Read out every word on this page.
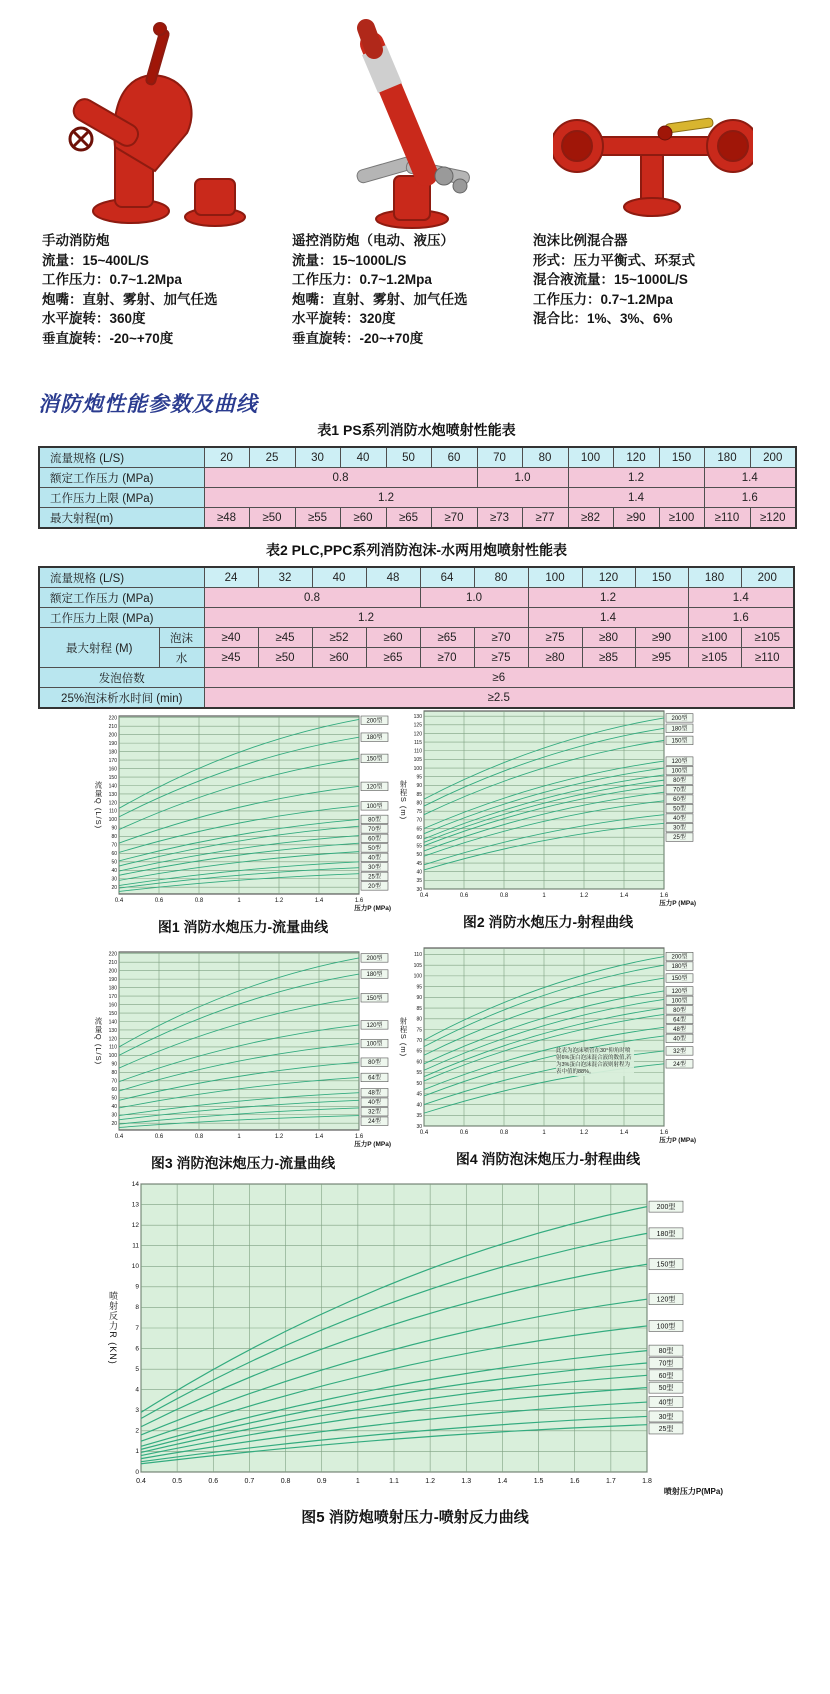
手动消防炮
流量：15~400L/S
工作压力：0.7~1.2Mpa
炮嘴：直射、雾射、加气任选
水平旋转：360度
垂直旋转：-20~+70度
遥控消防炮（电动、液压）
流量：15~1000L/S
工作压力：0.7~1.2Mpa
炮嘴：直射、雾射、加气任选
水平旋转：320度
垂直旋转：-20~+70度
泡沫比例混合器
形式：压力平衡式、环泵式
混合液流量：15~1000L/S
工作压力：0.7~1.2Mpa
混合比：1%、3%、6%
消防炮性能参数及曲线
表1 PS系列消防水炮喷射性能表
流量规格 (L/S)	20	25	30	40	50	60	70	80	100	120	150	180	200
额定工作压力 (MPa)	0.8						1.0		1.2			1.4	
工作压力上限 (MPa)	1.2								1.4			1.6	
最大射程(m)	≥48	≥50	≥55	≥60	≥65	≥70	≥73	≥77	≥82	≥90	≥100	≥110	≥120
表2 PLC,PPC系列消防泡沫-水两用炮喷射性能表
流量规格 (L/S)		24	32	40	48	64	80	100	120	150	180	200
额定工作压力 (MPa)		0.8				1.0		1.2			1.4	
工作压力上限 (MPa)		1.2						1.4			1.6	
最大射程 (M)	泡沫	≥40	≥45	≥52	≥60	≥65	≥70	≥75	≥80	≥90	≥100	≥105
	水	≥45	≥50	≥60	≥65	≥70	≥75	≥80	≥85	≥95	≥105	≥110
发泡倍数		≥6										
25%泡沫析水时间 (min)		≥2.5										
流量Q (L/S)
0.4	0.6	0.8	1	1.2	1.4	1.6
20
30
40
50
60
70
80
90
100
110
120
130
140
150
160
170
180
190
200
210
220	200型
180型
150型
120型
100型
80型
70型
60型
50型
40型
30型
25型
20型
压力P (MPa)
图1 消防水炮压力-流量曲线
射程S (m)
0.4	0.6	0.8	1	1.2	1.4	1.6
30
35
40
45
50
55
60
65
70
75
80
85
90
95
100
105
110
115
120
125
130	200型
180型
150型
120型
100型
80型
70型
60型
50型
40型
30型
25型
压力P (MPa)
图2 消防水炮压力-射程曲线
流量Q (L/S)
0.4	0.6	0.8	1	1.2	1.4	1.6
20
30
40
50
60
70
80
90
100
110
120
130
140
150
160
170
180
190
200
210
220
200型
180型
150型
120型
100型
80型
64型
48型
40型
32型
24型
压力P (MPa)
图3 消防泡沫炮压力-流量曲线
射程S (m)
0.4	0.6	0.8	1	1.2	1.4	1.6
30
35
40
45
50
55
60
65
70
75
80
85
90
95
100
105
110	200型
180型
150型
120型
100型
80型
64型
48型
40型
32型
24型
压力P (MPa)
此表为泡沫喷管在30°仰角时喷射6%蛋白泡沫混合液的数值,若为3%蛋白泡沫混合液则射程为表中值的88%。
图4 消防泡沫炮压力-射程曲线
喷射反力R (KN)
0.4	0.5	0.6	0.7	0.8	0.9	1	1.1	1.2	1.3	1.4	1.5	1.6	1.7	1.8
0
1
2
3
4
5
6
7
8
9
10
11
12
13
14
200型
180型
150型
120型
100型
80型
70型
60型
50型
40型
30型
25型
喷射压力P(MPa)
图5 消防炮喷射压力-喷射反力曲线
